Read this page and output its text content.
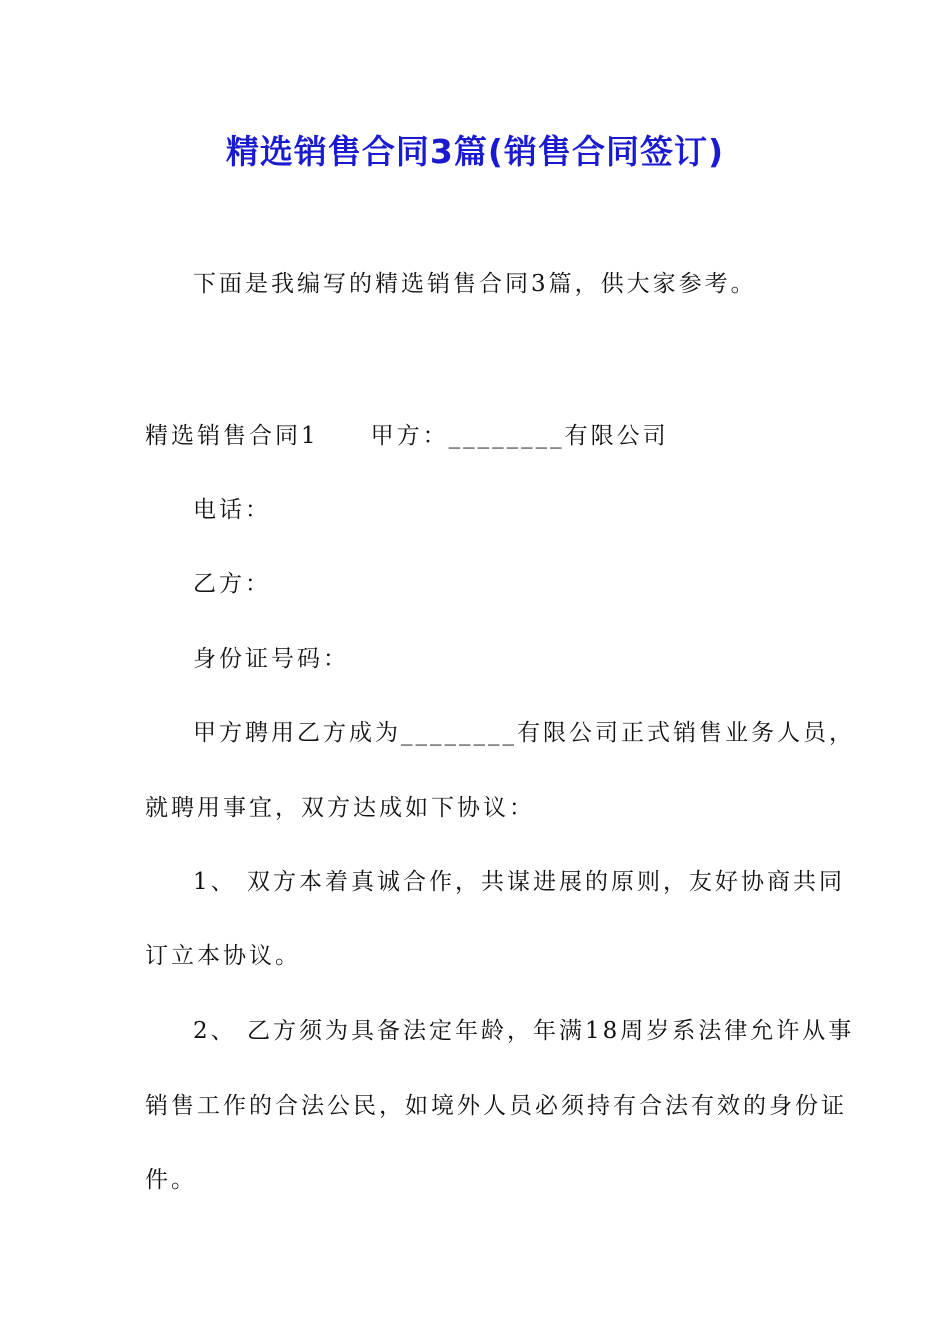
精选销售合同3篇(销售合同签订)
下面是我编写的精选销售合同3篇，供大家参考。
精选销售合同1 甲方：________有限公司
电话：
乙方：
身份证号码：
甲方聘用乙方成为________有限公司正式销售业务人员，
就聘用事宜，双方达成如下协议：
1、 双方本着真诚合作，共谋进展的原则，友好协商共同
订立本协议。
2、 乙方须为具备法定年龄，年满18周岁系法律允许从事
销售工作的合法公民，如境外人员必须持有合法有效的身份证
件。
